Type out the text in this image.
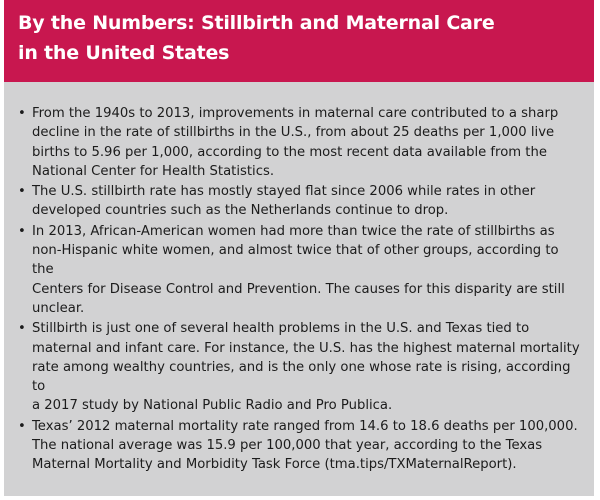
By the Numbers: Stillbirth and Maternal Care
in the United States
• From the 1940s to 2013, improvements in maternal care contributed to a sharp
decline in the rate of stillbirths in the U.S., from about 25 deaths per 1,000 live
births to 5.96 per 1,000, according to the most recent data available from the
National Center for Health Statistics.
• The U.S. stillbirth rate has mostly stayed flat since 2006 while rates in other
developed countries such as the Netherlands continue to drop.
• In 2013, African-American women had more than twice the rate of stillbirths as
non-Hispanic white women, and almost twice that of other groups, according to the
Centers for Disease Control and Prevention. The causes for this disparity are still
unclear.
• Stillbirth is just one of several health problems in the U.S. and Texas tied to
maternal and infant care. For instance, the U.S. has the highest maternal mortality
rate among wealthy countries, and is the only one whose rate is rising, according to
a 2017 study by National Public Radio and Pro Publica.
• Texas’ 2012 maternal mortality rate ranged from 14.6 to 18.6 deaths per 100,000.
The national average was 15.9 per 100,000 that year, according to the Texas
Maternal Mortality and Morbidity Task Force (tma.tips/TXMaternalReport).
